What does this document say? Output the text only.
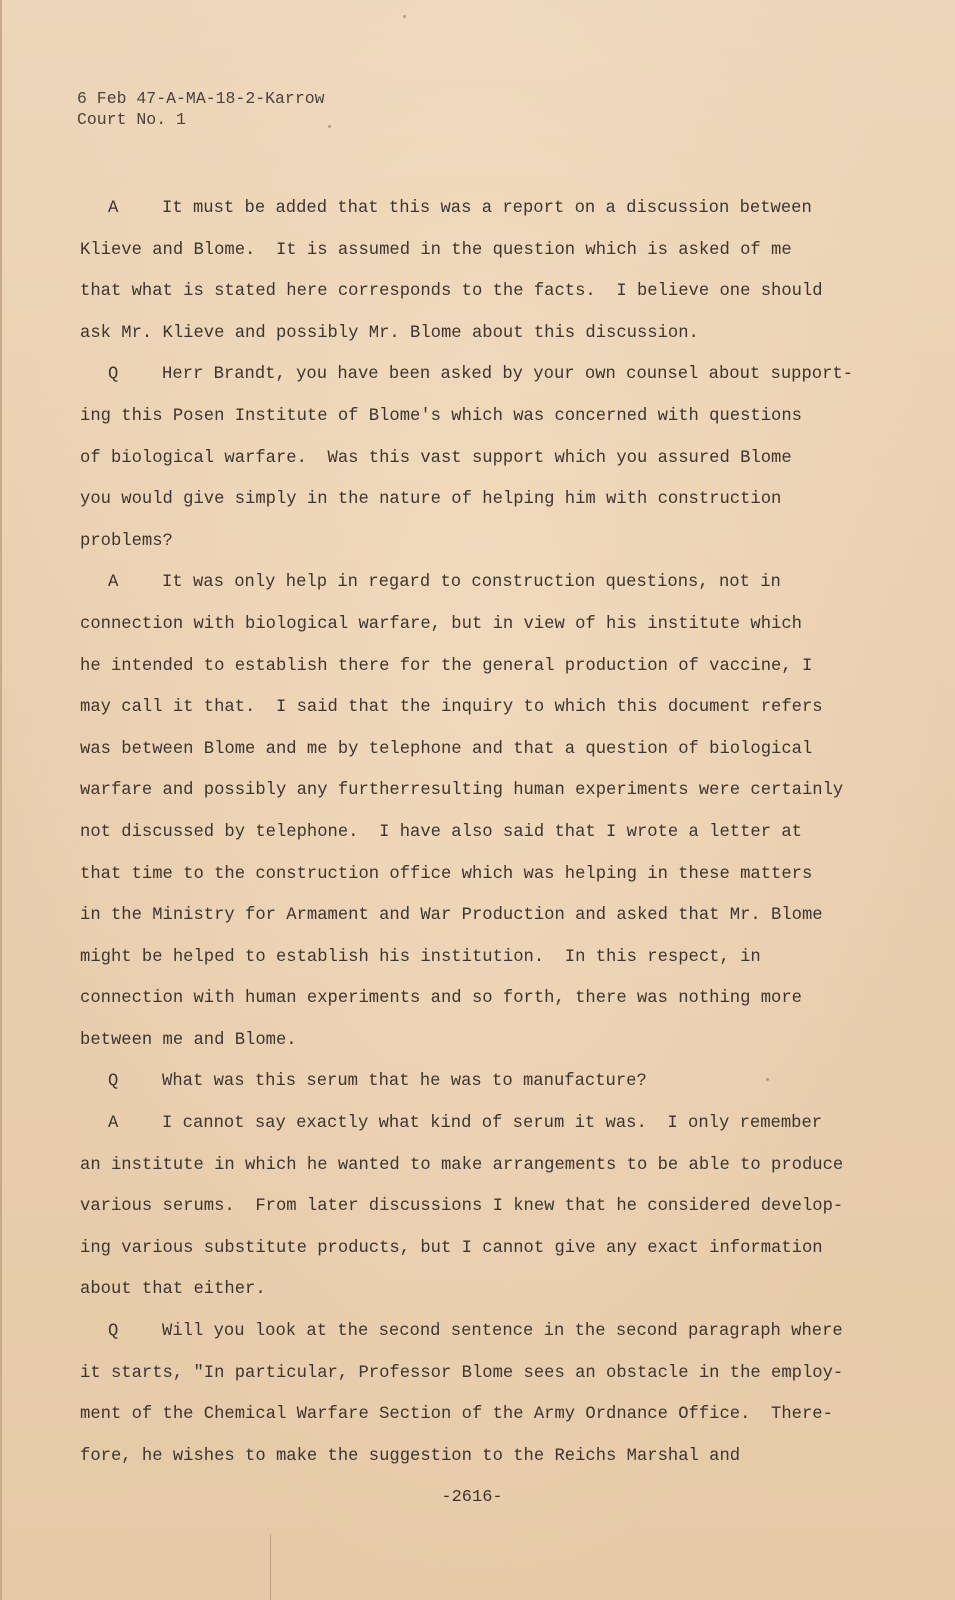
6 Feb 47-A-MA-18-2-Karrow
Court No. 1
A	It must be added that this was a report on a discussion between
Klieve and Blome.  It is assumed in the question which is asked of me
that what is stated here corresponds to the facts.  I believe one should
ask Mr. Klieve and possibly Mr. Blome about this discussion.
Q	Herr Brandt, you have been asked by your own counsel about support-
ing this Posen Institute of Blome's which was concerned with questions
of biological warfare.  Was this vast support which you assured Blome
you would give simply in the nature of helping him with construction
problems?
A	It was only help in regard to construction questions, not in
connection with biological warfare, but in view of his institute which
he intended to establish there for the general production of vaccine, I
may call it that.  I said that the inquiry to which this document refers
was between Blome and me by telephone and that a question of biological
warfare and possibly any furtherresulting human experiments were certainly
not discussed by telephone.  I have also said that I wrote a letter at
that time to the construction office which was helping in these matters
in the Ministry for Armament and War Production and asked that Mr. Blome
might be helped to establish his institution.  In this respect, in
connection with human experiments and so forth, there was nothing more
between me and Blome.
Q	What was this serum that he was to manufacture?
A	I cannot say exactly what kind of serum it was.  I only remember
an institute in which he wanted to make arrangements to be able to produce
various serums.  From later discussions I knew that he considered develop-
ing various substitute products, but I cannot give any exact information
about that either.
Q	Will you look at the second sentence in the second paragraph where
it starts, "In particular, Professor Blome sees an obstacle in the employ-
ment of the Chemical Warfare Section of the Army Ordnance Office.  There-
fore, he wishes to make the suggestion to the Reichs Marshal and
-2616-
